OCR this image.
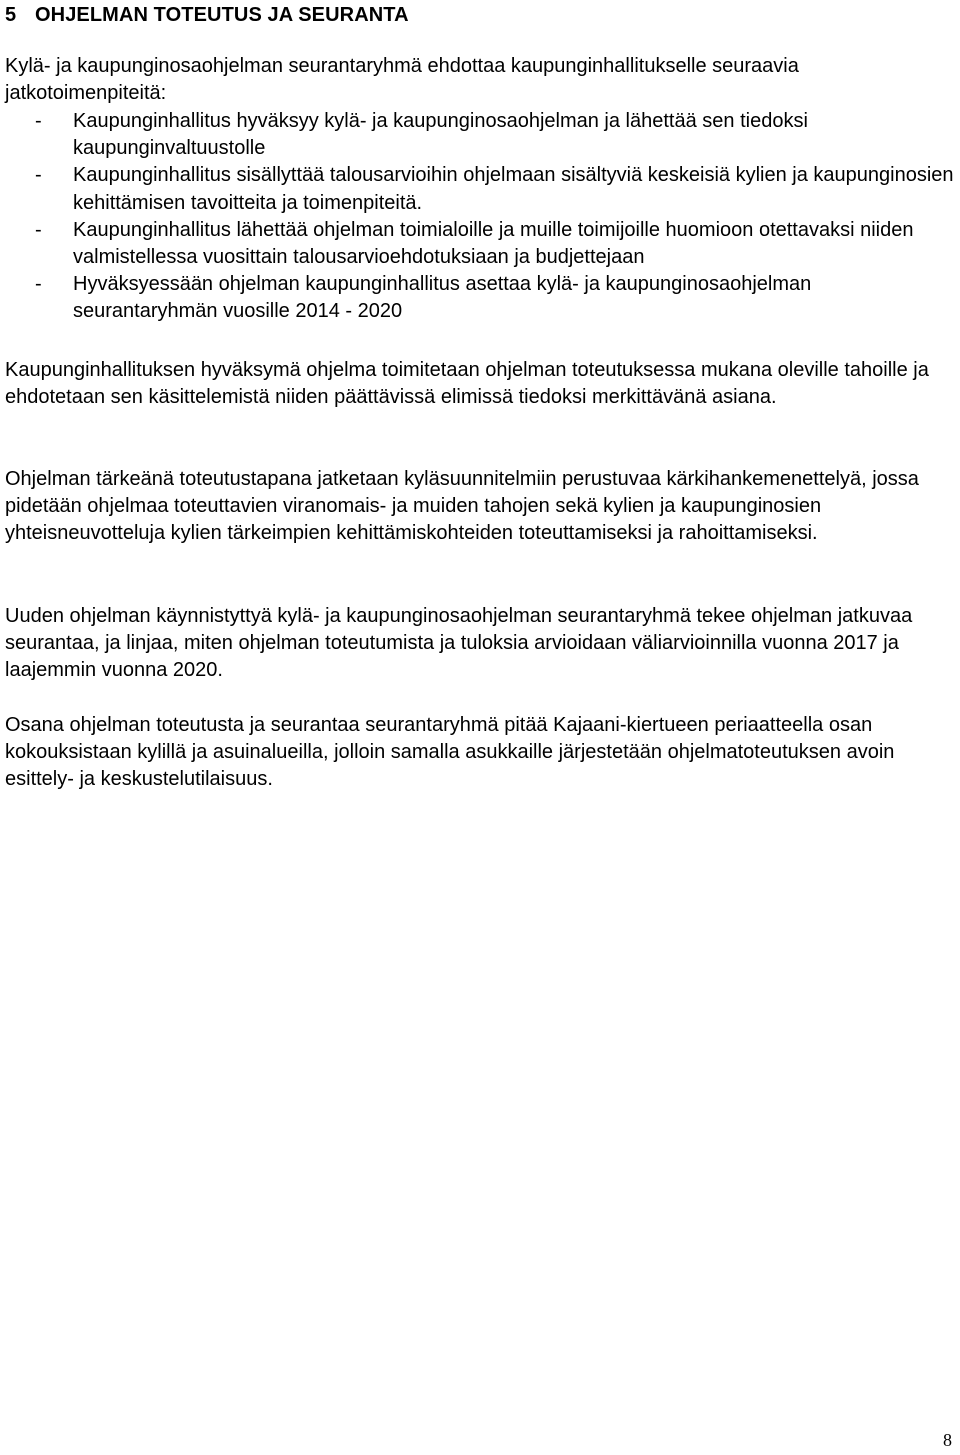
5 OHJELMAN TOTEUTUS JA SEURANTA

Kylä- ja kaupunginosaohjelman seurantaryhmä ehdottaa kaupunginhallitukselle seuraavia jatkotoimenpiteitä:

- Kaupunginhallitus hyväksyy kylä- ja kaupunginosaohjelman ja lähettää sen tiedoksi kaupunginvaltuustolle
- Kaupunginhallitus sisällyttää talousarvioihin ohjelmaan sisältyviä keskeisiä kylien ja kaupunginosien kehittämisen tavoitteita ja toimenpiteitä.
- Kaupunginhallitus lähettää ohjelman toimialoille ja muille toimijoille huomioon otettavaksi niiden valmistellessa vuosittain talousarvioehdotuksiaan ja budjettejaan
- Hyväksyessään ohjelman kaupunginhallitus asettaa kylä- ja kaupunginosaohjelman seurantaryhmän vuosille 2014 - 2020

Kaupunginhallituksen hyväksymä ohjelma toimitetaan ohjelman toteutuksessa mukana oleville tahoille ja ehdotetaan sen käsittelemistä niiden päättävissä elimissä tiedoksi merkittävänä asiana.

Ohjelman tärkeänä toteutustapana jatketaan kyläsuunnitelmiin perustuvaa kärkihankemenettelyä, jossa pidetään ohjelmaa toteuttavien viranomais- ja muiden tahojen sekä kylien ja kaupunginosien yhteisneuvotteluja kylien tärkeimpien kehittämiskohteiden toteuttamiseksi ja rahoittamiseksi.

Uuden ohjelman käynnistyttyä kylä- ja kaupunginosaohjelman seurantaryhmä tekee ohjelman jatkuvaa seurantaa, ja linjaa, miten ohjelman toteutumista ja tuloksia arvioidaan väliarvioinnilla vuonna 2017 ja laajemmin vuonna 2020.

Osana ohjelman toteutusta ja seurantaa seurantaryhmä pitää Kajaani-kiertueen periaatteella osan kokouksistaan kylillä ja asuinalueilla, jolloin samalla asukkaille järjestetään ohjelmatoteutuksen avoin esittely- ja keskustelutilaisuus.

8
